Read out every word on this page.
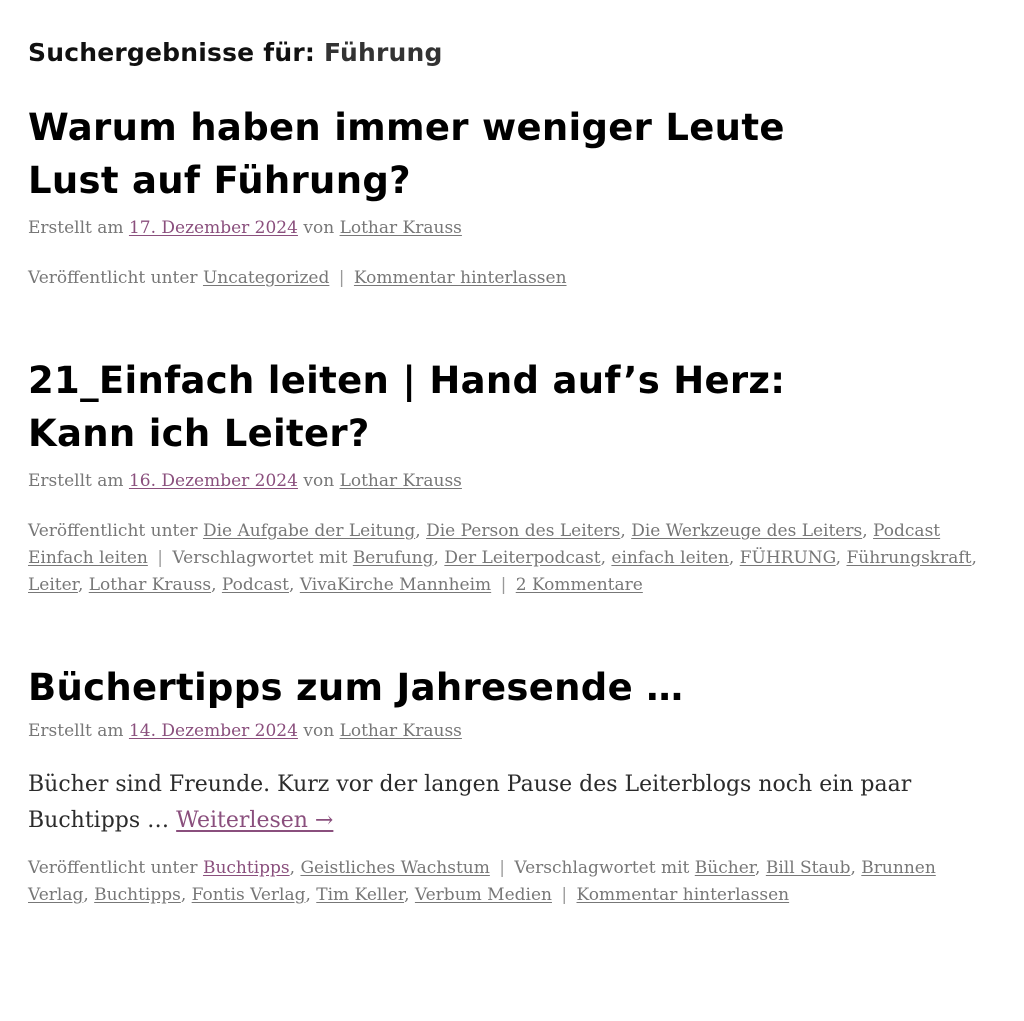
Suchergebnisse für: Führung
Warum haben immer weniger Leute Lust auf Führung?
Erstellt am 17. Dezember 2024 von Lothar Krauss
Veröffentlicht unter Uncategorized | Kommentar hinterlassen
21_Einfach leiten | Hand auf’s Herz: Kann ich Leiter?
Erstellt am 16. Dezember 2024 von Lothar Krauss
Veröffentlicht unter Die Aufgabe der Leitung, Die Person des Leiters, Die Werkzeuge des Leiters, Podcast Einfach leiten | Verschlagwortet mit Berufung, Der Leiterpodcast, einfach leiten, FÜHRUNG, Führungskraft, Leiter, Lothar Krauss, Podcast, VivaKirche Mannheim | 2 Kommentare
Büchertipps zum Jahresende …
Erstellt am 14. Dezember 2024 von Lothar Krauss
Bücher sind Freunde. Kurz vor der langen Pause des Leiterblogs noch ein paar Buchtipps … Weiterlesen →
Veröffentlicht unter Buchtipps, Geistliches Wachstum | Verschlagwortet mit Bücher, Bill Staub, Brunnen Verlag, Buchtipps, Fontis Verlag, Tim Keller, Verbum Medien | Kommentar hinterlassen
